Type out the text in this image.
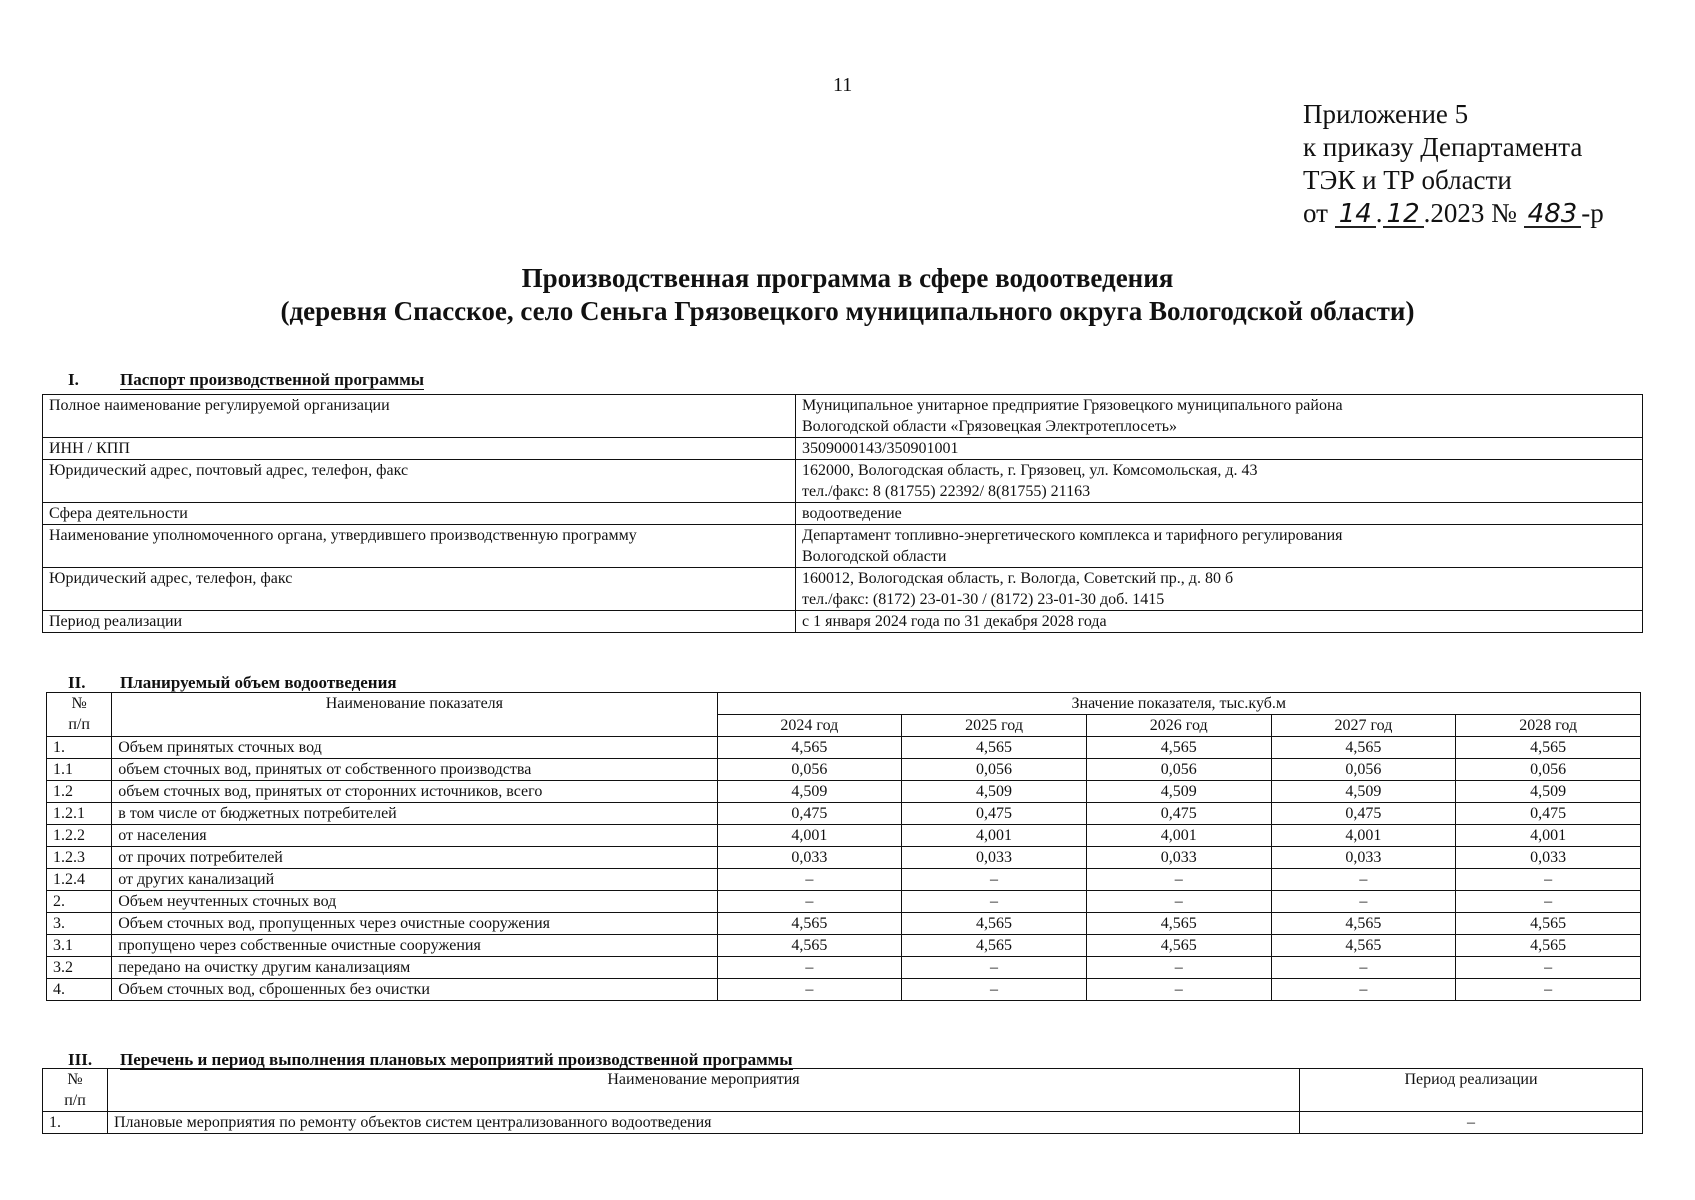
11
Приложение 5
к приказу Департамента
ТЭК и ТР области
от 14 . 12 .2023 № 483 -р
Производственная программа в сфере водоотведения
(деревня Спасское, село Сеньга Грязовецкого муниципального округа Вологодской области)
I. Паспорт производственной программы
Полное наименование регулируемой организации	Муниципальное унитарное предприятие Грязовецкого муниципального района
Вологодской области «Грязовецкая Электротеплосеть»

ИНН / КПП	3509000143/350901001

Юридический адрес, почтовый адрес, телефон, факс	162000, Вологодская область, г. Грязовец, ул. Комсомольская, д. 43
тел./факс: 8 (81755) 22392/ 8(81755) 21163

Сфера деятельности	водоотведение

Наименование уполномоченного органа, утвердившего производственную программу	Департамент топливно-энергетического комплекса и тарифного регулирования
Вологодской области

Юридический адрес, телефон, факс	160012, Вологодская область, г. Вологда, Советский пр., д. 80 б
тел./факс: (8172) 23-01-30 / (8172) 23-01-30 доб. 1415

Период реализации	с 1 января 2024 года по 31 декабря 2028 года
II. Планируемый объем водоотведения
№
п/п	Наименование показателя	Значение показателя, тыс.куб.м				
		2024 год	2025 год	2026 год	2027 год	2028 год
1.	Объем принятых сточных вод	4,565	4,565	4,565	4,565	4,565
1.1	объем сточных вод, принятых от собственного производства	0,056	0,056	0,056	0,056	0,056
1.2	объем сточных вод, принятых от сторонних источников, всего	4,509	4,509	4,509	4,509	4,509
1.2.1	в том числе от бюджетных потребителей	0,475	0,475	0,475	0,475	0,475
1.2.2	от населения	4,001	4,001	4,001	4,001	4,001
1.2.3	от прочих потребителей	0,033	0,033	0,033	0,033	0,033
1.2.4	от других канализаций	–	–	–	–	–
2.	Объем неучтенных сточных вод	–	–	–	–	–
3.	Объем сточных вод, пропущенных через очистные сооружения	4,565	4,565	4,565	4,565	4,565
3.1	пропущено через собственные очистные сооружения	4,565	4,565	4,565	4,565	4,565
3.2	передано на очистку другим канализациям	–	–	–	–	–
4.	Объем сточных вод, сброшенных без очистки	–	–	–	–	–
III. Перечень и период выполнения плановых мероприятий производственной программы
№
п/п	Наименование мероприятия	Период реализации
1.	Плановые мероприятия по ремонту объектов систем централизованного водоотведения	–
